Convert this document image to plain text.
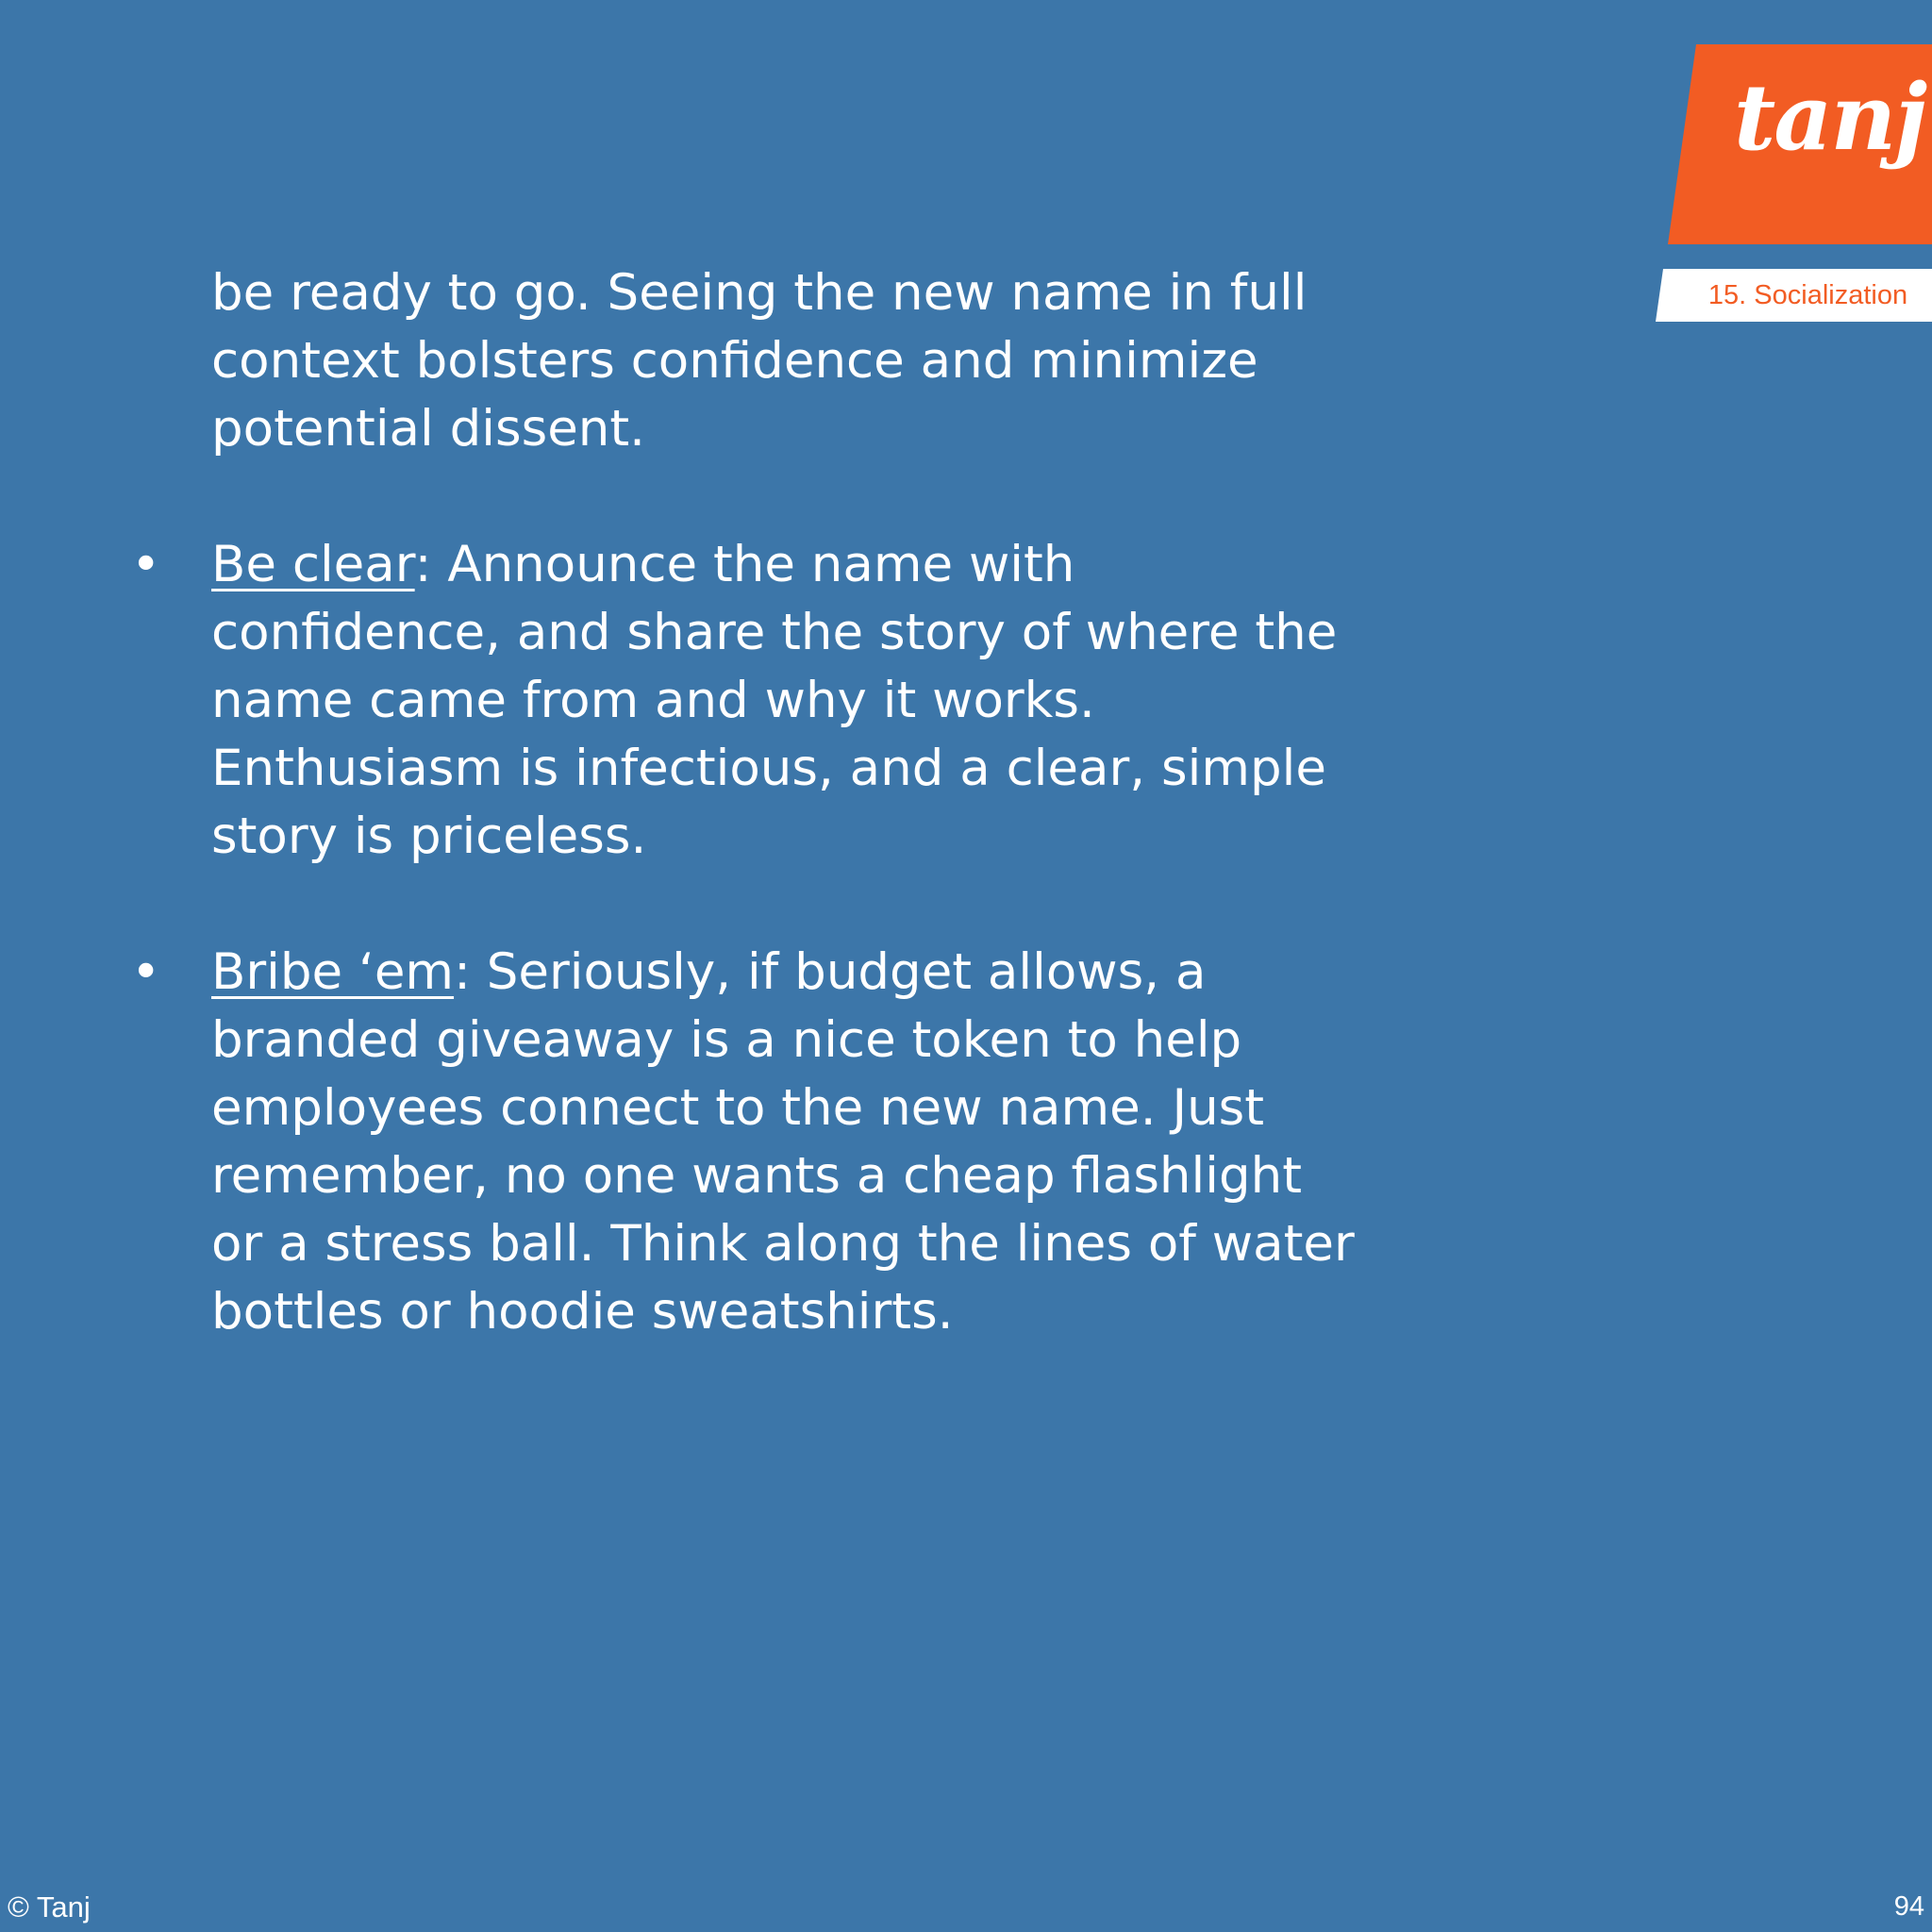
tanj
15. Socialization

be ready to go. Seeing the new name in full context bolsters confidence and minimize potential dissent.

• Be clear: Announce the name with confidence, and share the story of where the name came from and why it works. Enthusiasm is infectious, and a clear, simple story is priceless.
• Bribe ‘em: Seriously, if budget allows, a branded giveaway is a nice token to help employees connect to the new name. Just remember, no one wants a cheap flashlight or a stress ball. Think along the lines of water bottles or hoodie sweatshirts.
© Tanj	94
